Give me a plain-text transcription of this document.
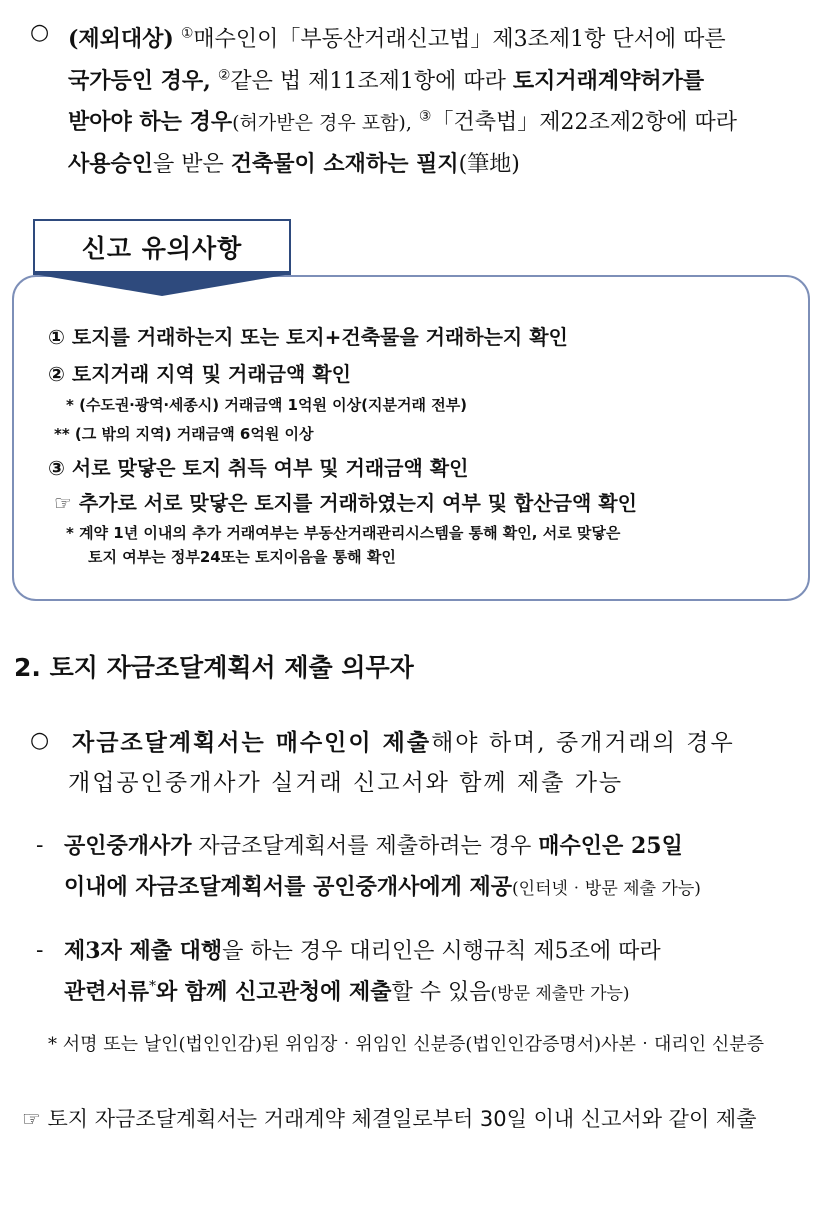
○ (제외대상) ①매수인이「부동산거래신고법」제3조제1항 단서에 따른
국가등인 경우, ②같은 법 제11조제1항에 따라 토지거래계약허가를
받아야 하는 경우(허가받은 경우 포함), ③「건축법」제22조제2항에 따라
사용승인을 받은 건축물이 소재하는 필지(筆地)
신고 유의사항
① 토지를 거래하는지 또는 토지+건축물을 거래하는지 확인
② 토지거래 지역 및 거래금액 확인
* (수도권‧광역‧세종시) 거래금액 1억원 이상(지분거래 전부)
** (그 밖의 지역) 거래금액 6억원 이상
③ 서로 맞닿은 토지 취득 여부 및 거래금액 확인
☞ 추가로 서로 맞닿은 토지를 거래하였는지 여부 및 합산금액 확인
* 계약 1년 이내의 추가 거래여부는 부동산거래관리시스템을 통해 확인, 서로 맞닿은
토지 여부는 정부24또는 토지이음을 통해 확인
2. 토지 자금조달계획서 제출 의무자
○ 자금조달계획서는 매수인이 제출해야 하며, 중개거래의 경우
개업공인중개사가 실거래 신고서와 함께 제출 가능
- 공인중개사가 자금조달계획서를 제출하려는 경우 매수인은 25일
이내에 자금조달계획서를 공인중개사에게 제공(인터넷‧방문 제출 가능)
- 제3자 제출 대행을 하는 경우 대리인은 시행규칙 제5조에 따라
관련서류*와 함께 신고관청에 제출할 수 있음(방문 제출만 가능)
* 서명 또는 날인(법인인감)된 위임장‧위임인 신분증(법인인감증명서)사본‧대리인 신분증
☞ 토지 자금조달계획서는 거래계약 체결일로부터 30일 이내 신고서와 같이 제출
